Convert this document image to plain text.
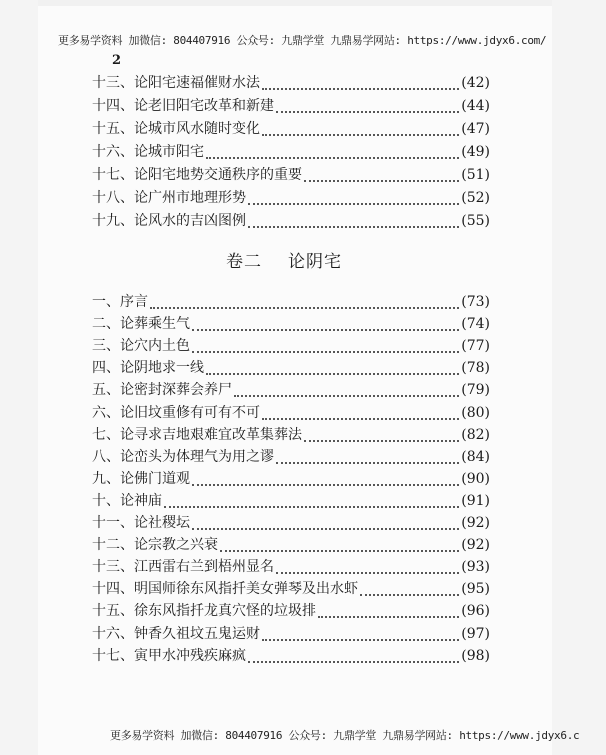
更多易学资料 加微信: 804407916 公众号: 九鼎学堂 九鼎易学网站: https://www.jdyx6.com/
2
十三、 论阳宅速福催财水法	(42)
十四、 论老旧阳宅改革和新建	(44)
十五、 论城市风水随时变化	(47)
十六、 论城市阳宅	(49)
十七、 论阳宅地势交通秩序的重要	(51)
十八、 论广州市地理形势	(52)
十九、 论风水的吉凶图例	(55)
卷二 论阴宅
一、 序言	(73)
二、 论葬乘生气	(74)
三、 论穴内土色	(77)
四、 论阴地求一线	(78)
五、 论密封深葬会养尸	(79)
六、 论旧坟重修有可有不可	(80)
七、 论寻求吉地艰难宜改革集葬法	(82)
八、 论峦头为体理气为用之谬	(84)
九、 论佛门道观	(90)
十、 论神庙	(91)
十一、 论社稷坛	(92)
十二、 论宗教之兴衰	(92)
十三、 江西雷右兰到梧州显名	(93)
十四、 明国师徐东风指扦美女弹琴及出水虾	(95)
十五、 徐东风指扦龙真穴怪的垃圾排	(96)
十六、 钟香久祖坟五鬼运财	(97)
十七、 寅甲水冲残疾麻疯	(98)
更多易学资料 加微信: 804407916 公众号: 九鼎学堂 九鼎易学网站: https://www.jdyx6.c
